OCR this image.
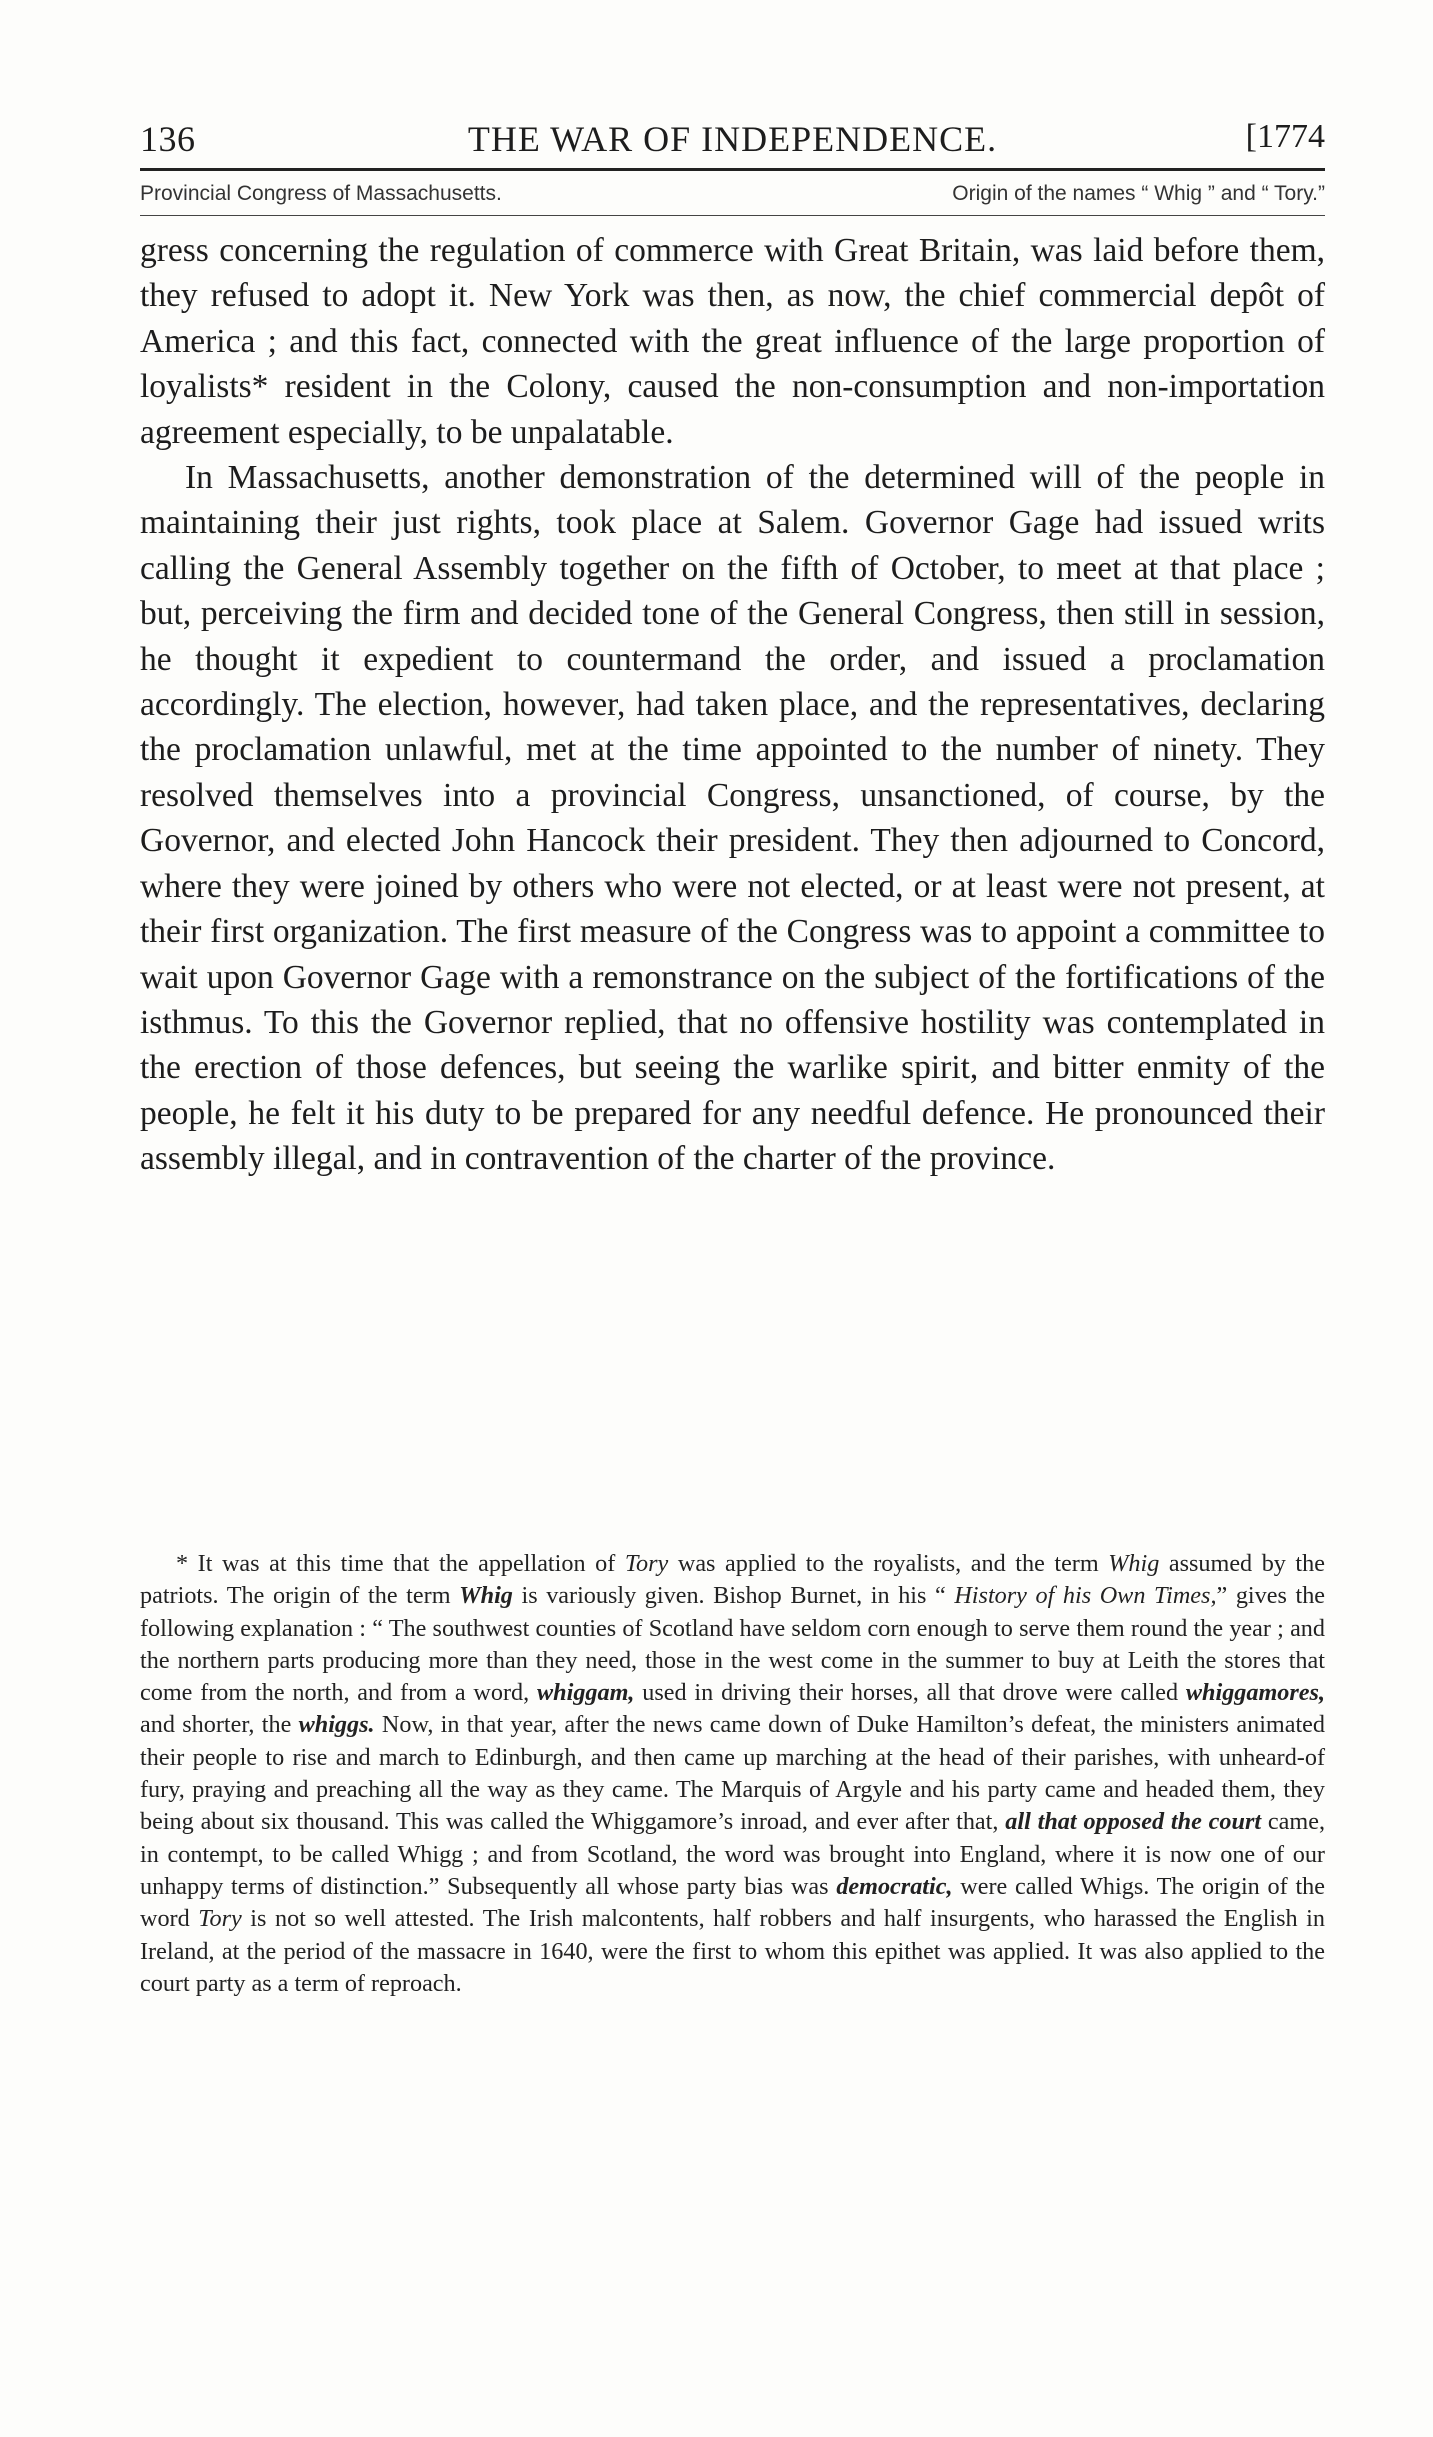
136	THE WAR OF INDEPENDENCE.	[1774
Provincial Congress of Massachusetts.	Origin of the names “ Whig ” and “ Tory.”

gress concerning the regulation of commerce with Great Britain, was laid before them, they refused to adopt it. New York was then, as now, the chief commercial depôt of America ; and this fact, connected with the great influence of the large proportion of loyalists* resident in the Colony, caused the non-consumption and non-importation agreement especially, to be unpalatable.

In Massachusetts, another demonstration of the determined will of the people in maintaining their just rights, took place at Salem. Governor Gage had issued writs calling the General Assembly together on the fifth of October, to meet at that place ; but, perceiving the firm and decided tone of the General Congress, then still in session, he thought it expedient to countermand the order, and issued a proclamation accordingly. The election, however, had taken place, and the representatives, declaring the proclamation unlawful, met at the time appointed to the number of ninety. They resolved themselves into a provincial Congress, unsanctioned, of course, by the Governor, and elected John Hancock their president. They then adjourned to Concord, where they were joined by others who were not elected, or at least were not present, at their first organization. The first measure of the Congress was to appoint a committee to wait upon Governor Gage with a remonstrance on the subject of the fortifications of the isthmus. To this the Governor replied, that no offensive hostility was contemplated in the erection of those defences, but seeing the warlike spirit, and bitter enmity of the people, he felt it his duty to be prepared for any needful defence. He pronounced their assembly illegal, and in contravention of the charter of the province.

* It was at this time that the appellation of Tory was applied to the royalists, and the term Whig assumed by the patriots. The origin of the term Whig is variously given. Bishop Burnet, in his “ History of his Own Times,” gives the following explanation : “ The southwest counties of Scotland have seldom corn enough to serve them round the year ; and the northern parts producing more than they need, those in the west come in the summer to buy at Leith the stores that come from the north, and from a word, whiggam, used in driving their horses, all that drove were called whiggamores, and shorter, the whiggs. Now, in that year, after the news came down of Duke Hamilton’s defeat, the ministers animated their people to rise and march to Edinburgh, and then came up marching at the head of their parishes, with unheard-of fury, praying and preaching all the way as they came. The Marquis of Argyle and his party came and headed them, they being about six thousand. This was called the Whiggamore’s inroad, and ever after that, all that opposed the court came, in contempt, to be called Whigg ; and from Scotland, the word was brought into England, where it is now one of our unhappy terms of distinction.” Subsequently all whose party bias was democratic, were called Whigs. The origin of the word Tory is not so well attested. The Irish malcontents, half robbers and half insurgents, who harassed the English in Ireland, at the period of the massacre in 1640, were the first to whom this epithet was applied. It was also applied to the court party as a term of reproach.
